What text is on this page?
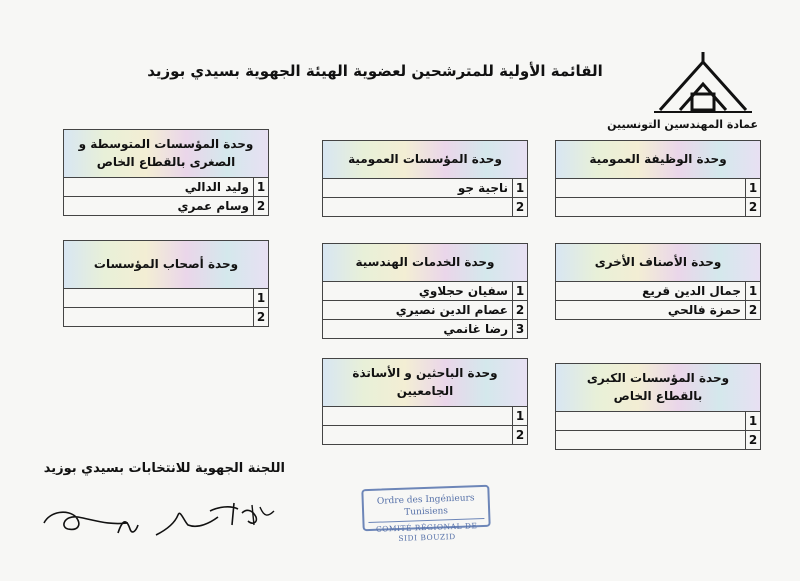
القائمة الأولية للمترشحين لعضوية الهيئة الجهوية بسيدي بوزيد
عمادة المهندسين التونسيين
وحدة الوظيفة العمومية
1	
2	
وحدة المؤسسات العمومية
1	ناجية جو
2	
وحدة المؤسسات المتوسطة و الصغرى بالقطاع الخاص
1	وليد الدالي
2	وسام عمري
وحدة الأصناف الأخرى
1	جمال الدين قريع
2	حمزة فالحي
وحدة الخدمات الهندسية
1	سفيان حجلاوي
2	عصام الدين نصيري
3	رضا غانمي
وحدة أصحاب المؤسسات
1	
2	
وحدة المؤسسات الكبرى بالقطاع الخاص
1	
2	
وحدة الباحثين و الأساتذة الجامعيين
1	
2	
اللجنة الجهوية للانتخابات بسيدي بوزيد
Ordre des Ingénieurs Tunisiens
COMITÉ RÉGIONAL DE SIDI BOUZID
